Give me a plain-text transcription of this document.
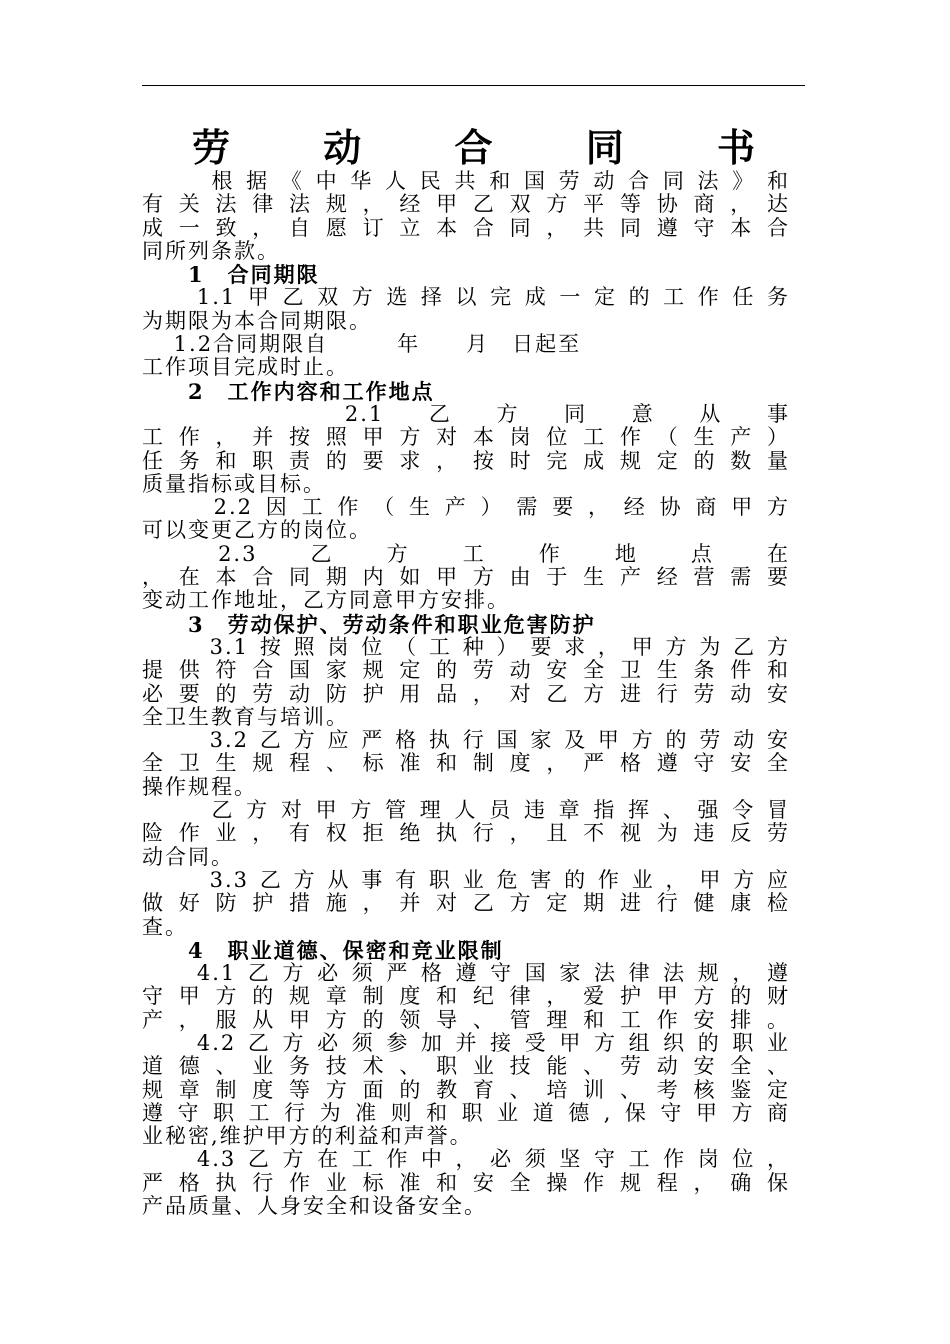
劳 动 合 同 书
　　根据《中华人民共和国劳动合同法》和
有关法律法规，经甲乙双方平等协商，达
成一致，自愿订立本合同，共同遵守本合
同所列条款。
　　1　合同期限
　 1.1甲乙双方选择以完成一定的工作任务
为期限为本合同期限。
　 1.2合同期限自　　　年　　月　日起至
工作项目完成时止。
　　2　工作内容和工作地点
　　　　　　2.1　乙　方　同　意　从　事
工作，并按照甲方对本岗位工作（生产）
任务和职责的要求，按时完成规定的数量
质量指标或目标。
　　2.2因工作（生产）需要，经协商甲方
可以变更乙方的岗位。
　　2.3　乙　方　工　作　地　点　在
，在本合同期内如甲方由于生产经营需要
变动工作地址，乙方同意甲方安排。
　　3　劳动保护、劳动条件和职业危害防护
　　3.1按照岗位（工种）要求，甲方为乙方
提供符合国家规定的劳动安全卫生条件和
必要的劳动防护用品，对乙方进行劳动安
全卫生教育与培训。
　　3.2乙方应严格执行国家及甲方的劳动安
全卫生规程、标准和制度，严格遵守安全
操作规程。
　　乙方对甲方管理人员违章指挥、强令冒
险作业，有权拒绝执行，且不视为违反劳
动合同。
　　3.3乙方从事有职业危害的作业，甲方应
做好防护措施，并对乙方定期进行健康检
查。
　　4　职业道德、保密和竞业限制
　 4.1乙方必须严格遵守国家法律法规，遵
守甲方的规章制度和纪律，爱护甲方的财
产，服从甲方的领导、管理和工作安排。
　 4.2乙方必须参加并接受甲方组织的职业
道德、业务技术、职业技能、劳动安全、
规章制度等方面的教育、培训、考核鉴定
遵守职工行为准则和职业道德,保守甲方商
业秘密,维护甲方的利益和声誉。
　 4.3乙方在工作中，必须坚守工作岗位，
严格执行作业标准和安全操作规程，确保
产品质量、人身安全和设备安全。
